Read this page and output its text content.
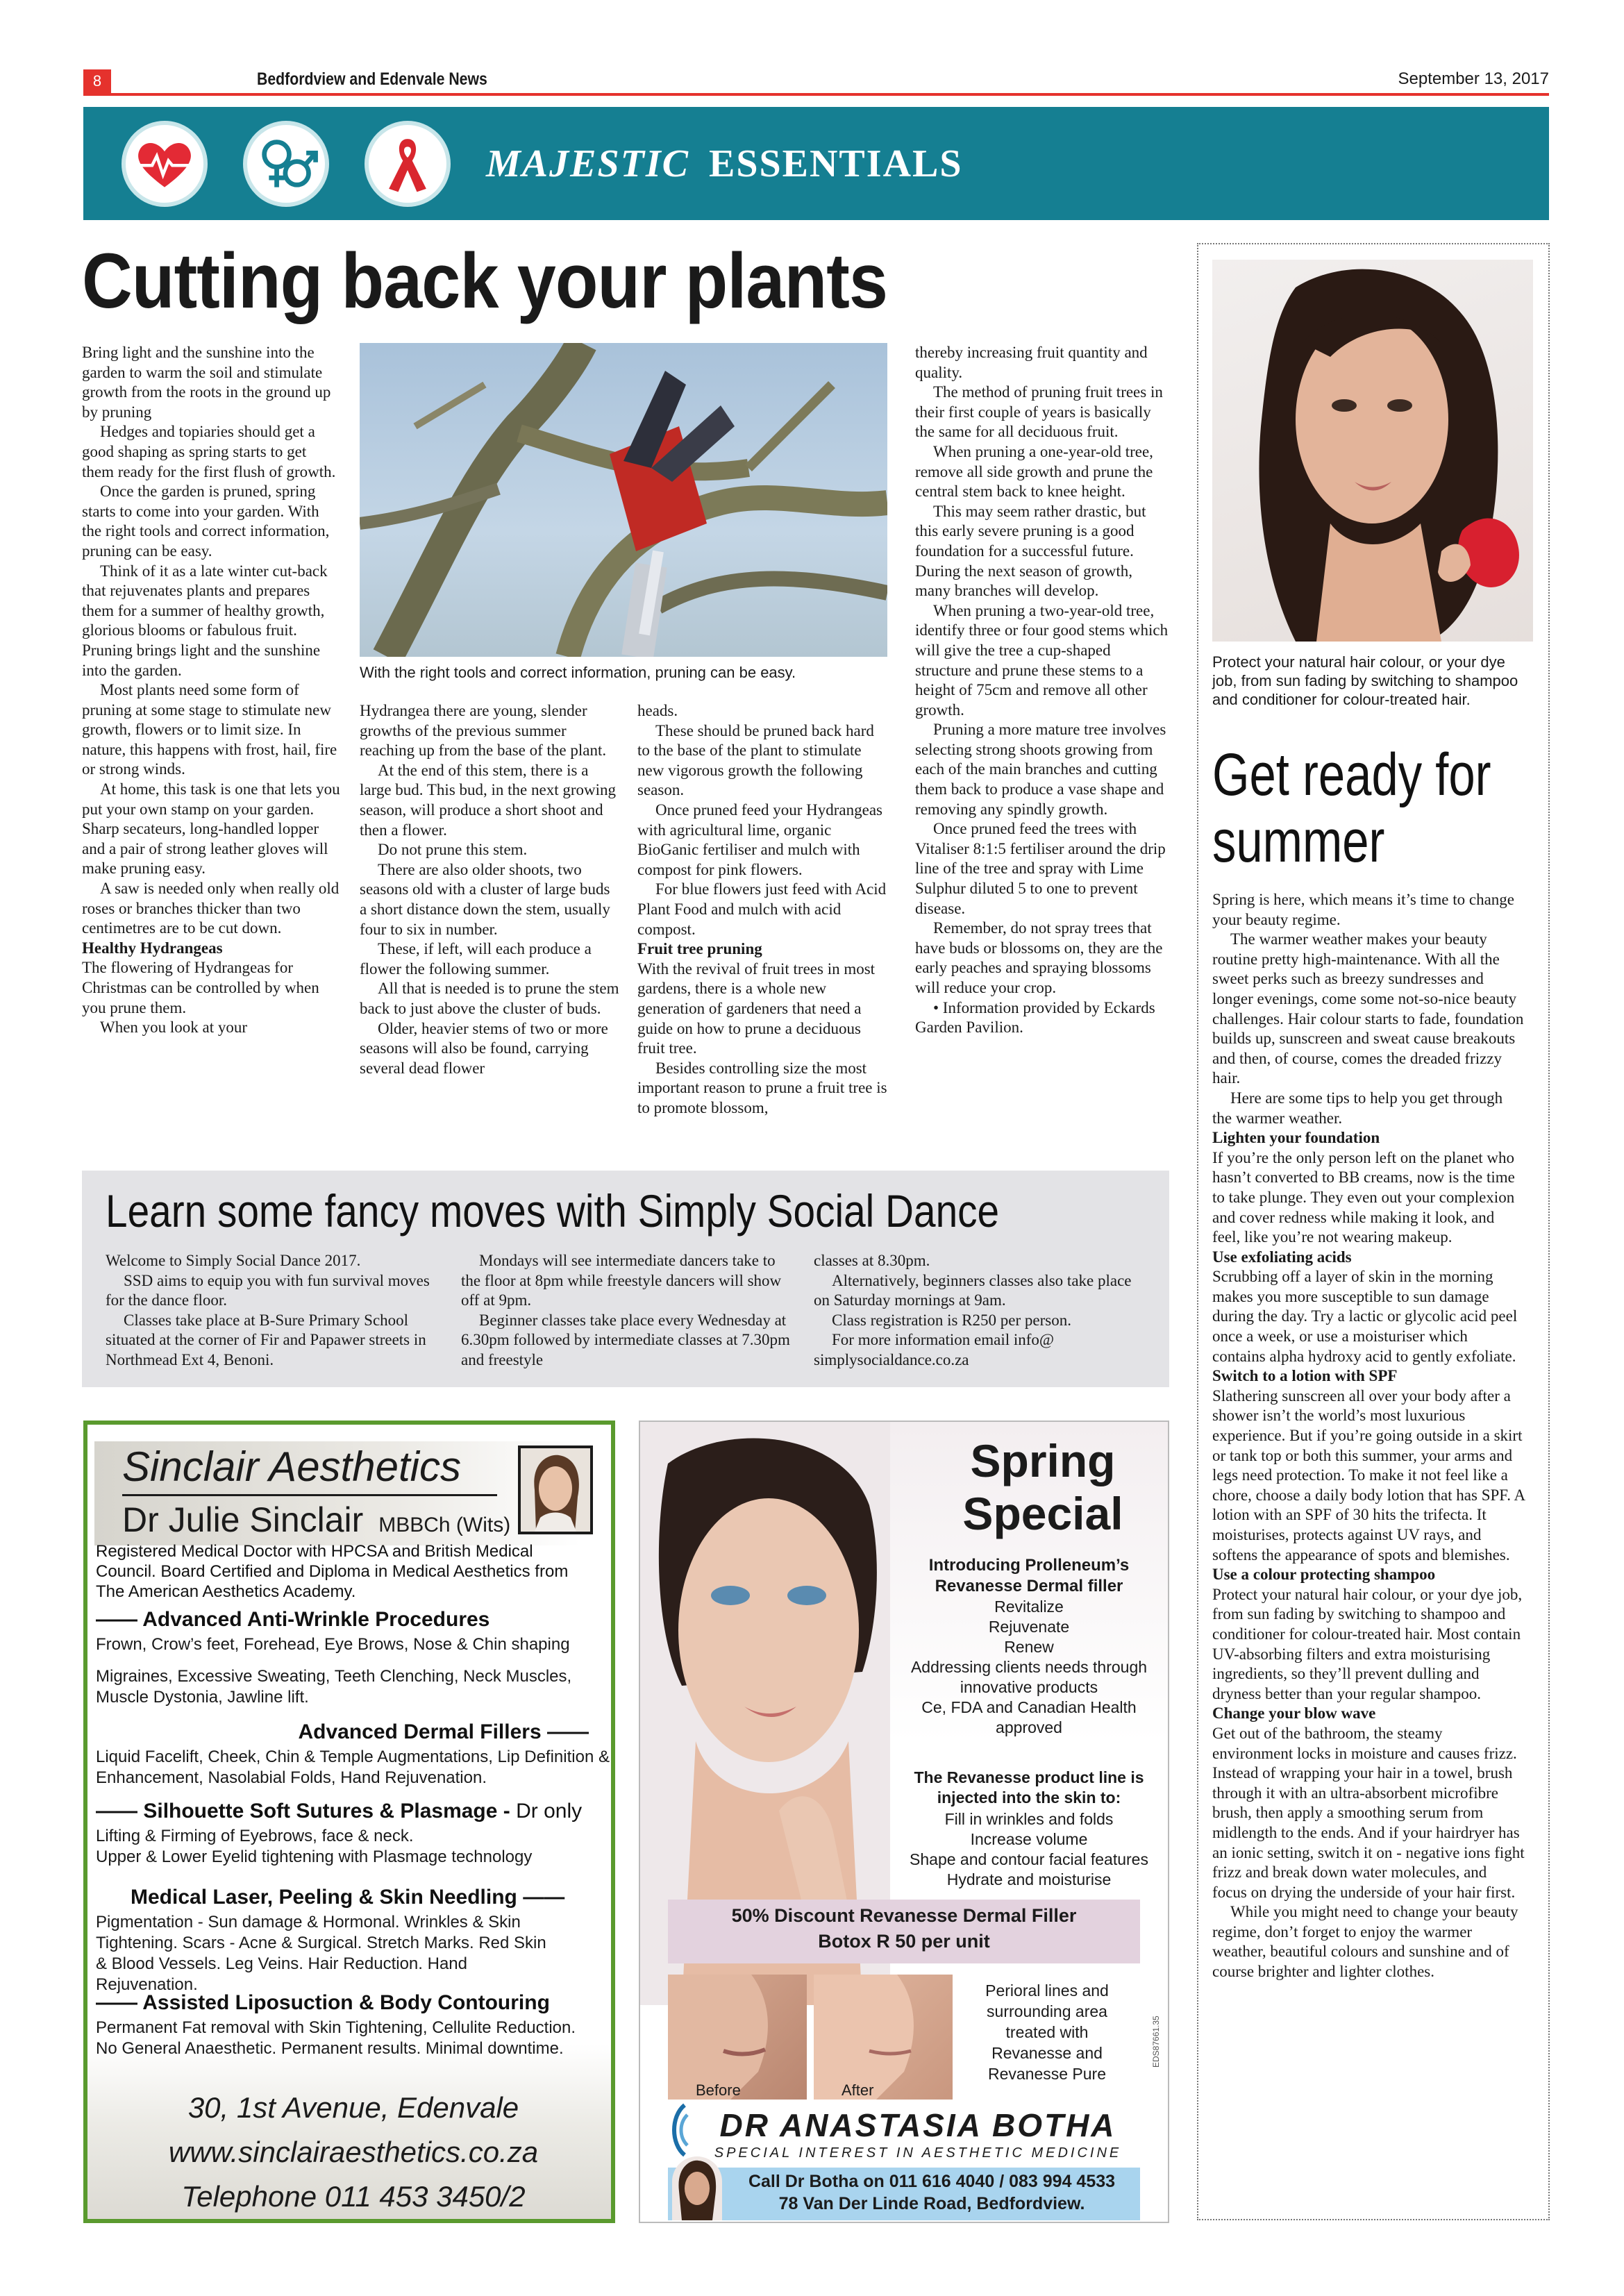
8	Bedfordview and Edenvale News	September 13, 2017
MAJESTIC ESSENTIALS
Cutting back your plants

Bring light and the sunshine into the garden to warm the soil and stimulate growth from the roots in the ground up by pruning

Hedges and topiaries should get a good shaping as spring starts to get them ready for the first flush of growth.

Once the garden is pruned, spring starts to come into your garden. With the right tools and correct information, pruning can be easy.

Think of it as a late winter cut-back that rejuvenates plants and prepares them for a summer of healthy growth, glorious blooms or fabulous fruit. Pruning brings light and the sunshine into the garden.

Most plants need some form of pruning at some stage to stimulate new growth, flowers or to limit size. In nature, this happens with frost, hail, fire or strong winds.

At home, this task is one that lets you put your own stamp on your garden. Sharp secateurs, long-handled lopper and a pair of strong leather gloves will make pruning easy.

A saw is needed only when really old roses or branches thicker than two centimetres are to be cut down.

Healthy Hydrangeas

The flowering of Hydrangeas for Christmas can be controlled by when you prune them.

When you look at your

With the right tools and correct information, pruning can be easy.

Hydrangea there are young, slender growths of the previous summer reaching up from the base of the plant.

At the end of this stem, there is a large bud. This bud, in the next growing season, will produce a short shoot and then a flower.

Do not prune this stem.

There are also older shoots, two seasons old with a cluster of large buds a short distance down the stem, usually four to six in number.

These, if left, will each produce a flower the following summer.

All that is needed is to prune the stem back to just above the cluster of buds.

Older, heavier stems of two or more seasons will also be found, carrying several dead flower

heads.

These should be pruned back hard to the base of the plant to stimulate new vigorous growth the following season.

Once pruned feed your Hydrangeas with agricultural lime, organic BioGanic fertiliser and mulch with compost for pink flowers.

For blue flowers just feed with Acid Plant Food and mulch with acid compost.

Fruit tree pruning

With the revival of fruit trees in most gardens, there is a whole new generation of gardeners that need a guide on how to prune a deciduous fruit tree.

Besides controlling size the most important reason to prune a fruit tree is to promote blossom,

thereby increasing fruit quantity and quality.

The method of pruning fruit trees in their first couple of years is basically the same for all deciduous fruit.

When pruning a one-year-old tree, remove all side growth and prune the central stem back to knee height.

This may seem rather drastic, but this early severe pruning is a good foundation for a successful future. During the next season of growth, many branches will develop.

When pruning a two-year-old tree, identify three or four good stems which will give the tree a cup-shaped structure and prune these stems to a height of 75cm and remove all other growth.

Pruning a more mature tree involves selecting strong shoots growing from each of the main branches and cutting them back to produce a vase shape and removing any spindly growth.

Once pruned feed the trees with Vitaliser 8:1:5 fertiliser around the drip line of the tree and spray with Lime Sulphur diluted 5 to one to prevent disease.

Remember, do not spray trees that have buds or blossoms on, they are the early peaches and spraying blossoms will reduce your crop.

• Information provided by Eckards Garden Pavilion.

Learn some fancy moves with Simply Social Dance

Welcome to Simply Social Dance 2017.

SSD aims to equip you with fun survival moves for the dance floor.

Classes take place at B-Sure Primary School situated at the corner of Fir and Papawer streets in Northmead Ext 4, Benoni.

Mondays will see intermediate dancers take to the floor at 8pm while freestyle dancers will show off at 9pm.

Beginner classes take place every Wednesday at 6.30pm followed by intermediate classes at 7.30pm and freestyle

classes at 8.30pm.

Alternatively, beginners classes also take place on Saturday mornings at 9am.

Class registration is R250 per person.

For more information email info@ simplysocialdance.co.za

Protect your natural hair colour, or your dye job, from sun fading by switching to shampoo and conditioner for colour-treated hair.
Get ready for summer

Spring is here, which means it’s time to change your beauty regime.

The warmer weather makes your beauty routine pretty high-maintenance. With all the sweet perks such as breezy sundresses and longer evenings, come some not-so-nice beauty challenges. Hair colour starts to fade, foundation builds up, sunscreen and sweat cause breakouts and then, of course, comes the dreaded frizzy hair.

Here are some tips to help you get through the warmer weather.

Lighten your foundation

If you’re the only person left on the planet who hasn’t converted to BB creams, now is the time to take plunge. They even out your complexion and cover redness while making it look, and feel, like you’re not wearing makeup.

Use exfoliating acids

Scrubbing off a layer of skin in the morning makes you more susceptible to sun damage during the day. Try a lactic or glycolic acid peel once a week, or use a moisturiser which contains alpha hydroxy acid to gently exfoliate.

Switch to a lotion with SPF

Slathering sunscreen all over your body after a shower isn’t the world’s most luxurious experience. But if you’re going outside in a skirt or tank top or both this summer, your arms and legs need protection. To make it not feel like a chore, choose a daily body lotion that has SPF. A lotion with an SPF of 30 hits the trifecta. It moisturises, protects against UV rays, and softens the appearance of spots and blemishes.

Use a colour protecting shampoo

Protect your natural hair colour, or your dye job, from sun fading by switching to shampoo and conditioner for colour-treated hair. Most contain UV-absorbing filters and extra moisturising ingredients, so they’ll prevent dulling and dryness better than your regular shampoo.

Change your blow wave

Get out of the bathroom, the steamy environment locks in moisture and causes frizz. Instead of wrapping your hair in a towel, brush through it with an ultra-absorbent microfibre brush, then apply a smoothing serum from midlength to the ends. And if your hairdryer has an ionic setting, switch it on - negative ions fight frizz and break down water molecules, and focus on drying the underside of your hair first.

While you might need to change your beauty regime, don’t forget to enjoy the warmer weather, beautiful colours and sunshine and of course brighter and lighter clothes.

Sinclair Aesthetics
Dr Julie Sinclair MBBCh (Wits)
Registered Medical Doctor with HPCSA and British Medical Council. Board Certified and Diploma in Medical Aesthetics from The American Aesthetics Academy.
—— Advanced Anti-Wrinkle Procedures
Frown, Crow’s feet, Forehead, Eye Brows, Nose & Chin shaping
Migraines, Excessive Sweating, Teeth Clenching, Neck Muscles, Muscle Dystonia, Jawline lift.
Advanced Dermal Fillers ——
Liquid Facelift, Cheek, Chin & Temple Augmentations, Lip Definition & Enhancement, Nasolabial Folds, Hand Rejuvenation.
—— Silhouette Soft Sutures & Plasmage - Dr only
Lifting & Firming of Eyebrows, face & neck.
Upper & Lower Eyelid tightening with Plasmage technology
Medical Laser, Peeling & Skin Needling ——
Pigmentation - Sun damage & Hormonal. Wrinkles & Skin Tightening. Scars - Acne & Surgical. Stretch Marks. Red Skin & Blood Vessels. Leg Veins. Hair Reduction. Hand Rejuvenation.
—— Assisted Liposuction & Body Contouring
Permanent Fat removal with Skin Tightening, Cellulite Reduction. No General Anaesthetic. Permanent results. Minimal downtime.
30, 1st Avenue, Edenvale
www.sinclairaesthetics.co.za
Telephone 011 453 3450/2
Spring
Special
Introducing Prolleneum’s Revanesse Dermal filler
Revitalize
Rejuvenate
Renew
Addressing clients needs through innovative products
Ce, FDA and Canadian Health approved
The Revanesse product line is injected into the skin to:
Fill in wrinkles and folds
Increase volume
Shape and contour facial features
Hydrate and moisturise
50% Discount Revanesse Dermal Filler
Botox R 50 per unit
Before	After
Perioral lines and surrounding area treated with Revanesse and Revanesse Pure
EDS87661.35
DR ANASTASIA BOTHA
SPECIAL INTEREST IN AESTHETIC MEDICINE
Call Dr Botha on 011 616 4040 / 083 994 4533
78 Van Der Linde Road, Bedfordview.
